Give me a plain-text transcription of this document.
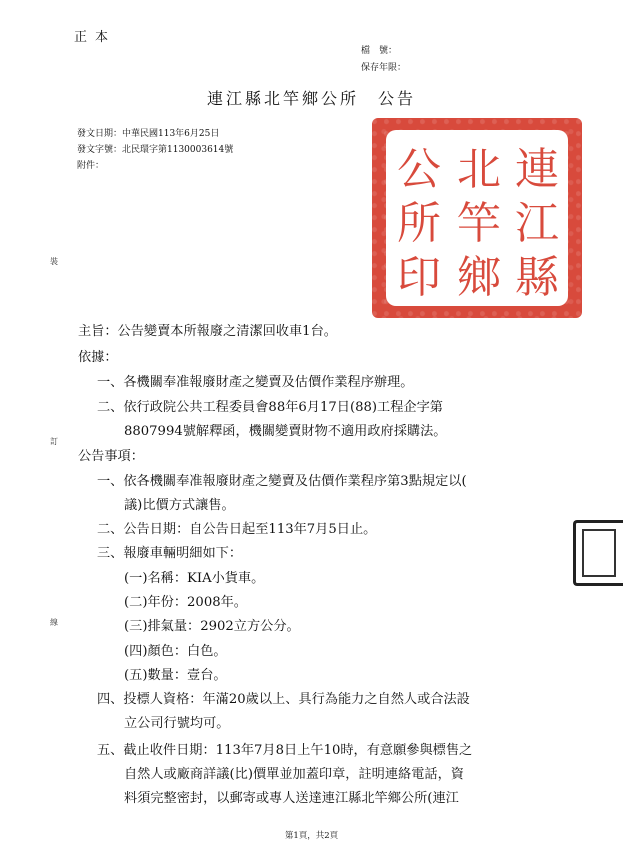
正本
檔　號：
保存年限：
連江縣北竿鄉公所　公告
發文日期：中華民國113年6月25日
發文字號：北民環字第1130003614號
附件：	連
江
縣
北
竿
鄉
公
所
印
裝
訂
線
主旨：公告變賣本所報廢之清潔回收車1台。
依據：
一、各機關奉准報廢財產之變賣及估價作業程序辦理。
二、依行政院公共工程委員會88年6月17日(88)工程企字第
8807994號解釋函，機關變賣財物不適用政府採購法。
公告事項：
一、依各機關奉准報廢財產之變賣及估價作業程序第3點規定以(
議)比價方式讓售。
二、公告日期：自公告日起至113年7月5日止。
三、報廢車輛明細如下：
(一)名稱：KIA小貨車。
(二)年份：2008年。
(三)排氣量：2902立方公分。
(四)顏色：白色。
(五)數量：壹台。
四、投標人資格：年滿20歲以上、具行為能力之自然人或合法設
立公司行號均可。
五、截止收件日期：113年7月8日上午10時，有意願參與標售之
自然人或廠商詳議(比)價單並加蓋印章，註明連絡電話，資
料須完整密封，以郵寄或專人送達連江縣北竿鄉公所(連江
第1頁，共2頁
